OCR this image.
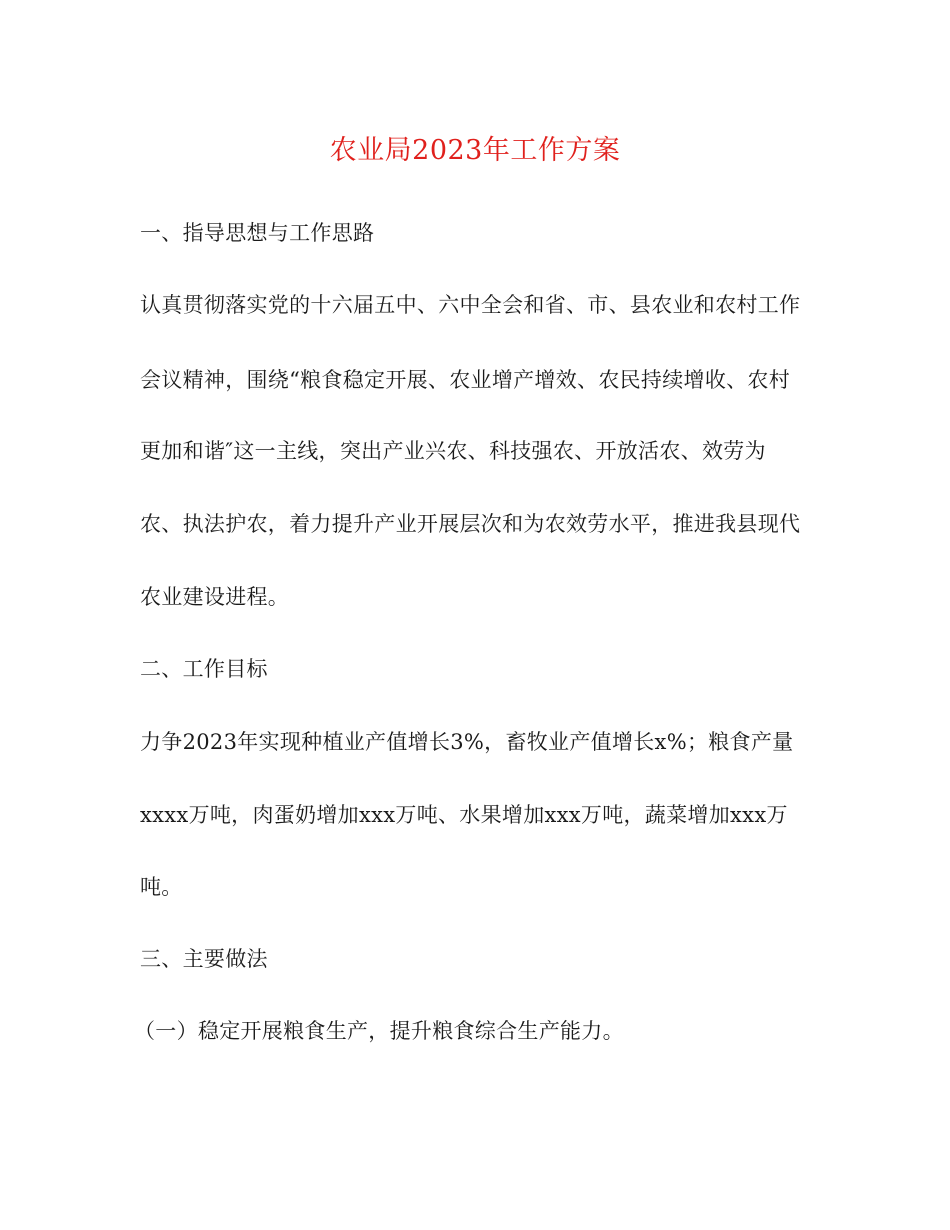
农业局2023年工作方案
一、指导思想与工作思路
认真贯彻落实党的十六届五中、六中全会和省、市、县农业和农村工作
会议精神，围绕“粮食稳定开展、农业增产增效、农民持续增收、农村
更加和谐″这一主线，突出产业兴农、科技强农、开放活农、效劳为
农、执法护农，着力提升产业开展层次和为农效劳水平，推进我县现代
农业建设进程。
二、工作目标
力争2023年实现种植业产值增长3%，畜牧业产值增长x%；粮食产量
xxxx万吨，肉蛋奶增加xxx万吨、水果增加xxx万吨，蔬菜增加xxx万
吨。
三、主要做法
（一）稳定开展粮食生产，提升粮食综合生产能力。
